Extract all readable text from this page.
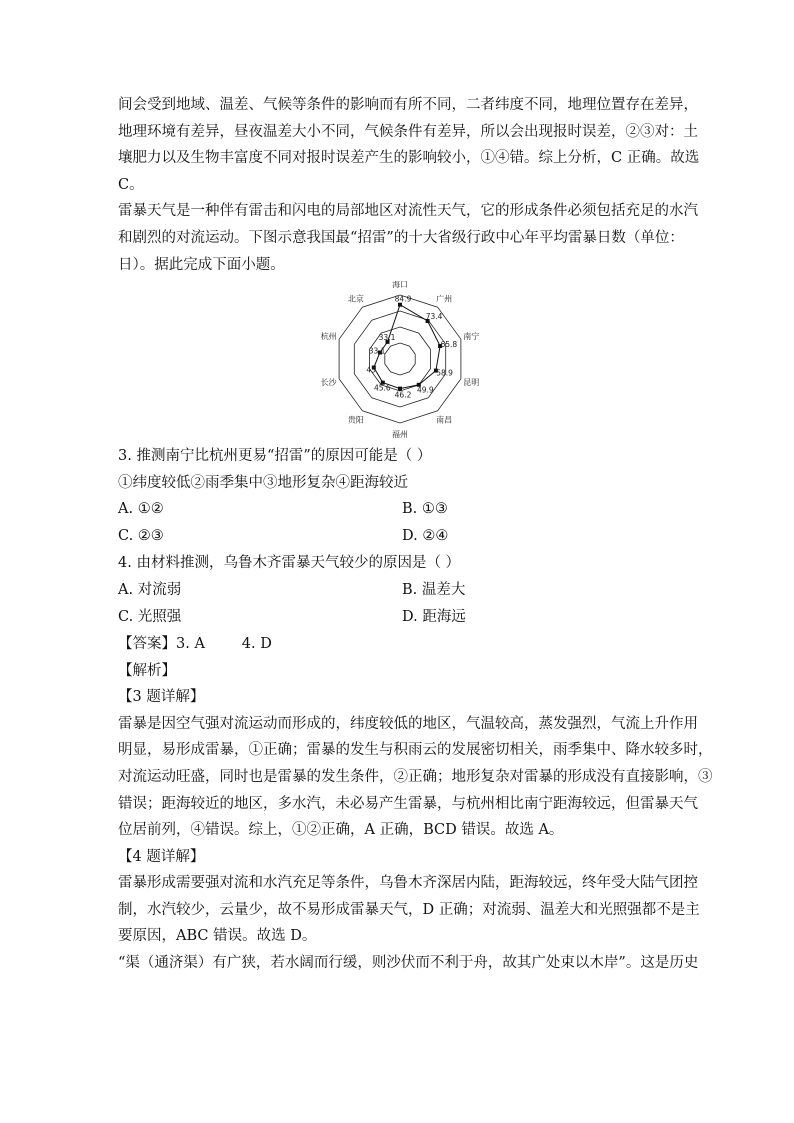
间会受到地域、温差、气候等条件的影响而有所不同，二者纬度不同，地理位置存在差异，
地理环境有差异，昼夜温差大小不同，气候条件有差异，所以会出现报时误差，②③对：土
壤肥力以及生物丰富度不同对报时误差产生的影响较小，①④错。综上分析，C 正确。故选
C。
雷暴天气是一种伴有雷击和闪电的局部地区对流性天气，它的形成条件必须包括充足的水汽
和剧烈的对流运动。下图示意我国最“招雷”的十大省级行政中心年平均雷暴日数（单位：
日）。据此完成下面小题。
84.9
73.4
65.8
58.9
49.9
46.2
45.6
43
33.1
33.1
海口
广州
南宁
昆明
南昌
福州
贵阳
长沙
杭州
北京
3. 推测南宁比杭州更易“招雷”的原因可能是（ ）
①纬度较低②雨季集中③地形复杂④距海较近
A. ①②	B. ①③
C. ②③	D. ②④
4. 由材料推测，乌鲁木齐雷暴天气较少的原因是（ ）
A. 对流弱	B. 温差大
C. 光照强	D. 距海远
【答案】3. A        4. D
【解析】
【3 题详解】
雷暴是因空气强对流运动而形成的，纬度较低的地区，气温较高，蒸发强烈，气流上升作用
明显，易形成雷暴，①正确；雷暴的发生与积雨云的发展密切相关，雨季集中、降水较多时，
对流运动旺盛，同时也是雷暴的发生条件，②正确；地形复杂对雷暴的形成没有直接影响，③
错误；距海较近的地区，多水汽，未必易产生雷暴，与杭州相比南宁距海较远，但雷暴天气
位居前列，④错误。综上，①②正确，A 正确，BCD 错误。故选 A。
【4 题详解】
雷暴形成需要强对流和水汽充足等条件，乌鲁木齐深居内陆，距海较远，终年受大陆气团控
制，水汽较少，云量少，故不易形成雷暴天气，D 正确；对流弱、温差大和光照强都不是主
要原因，ABC 错误。故选 D。
“渠（通济渠）有广狭，若水阔而行缓，则沙伏而不利于舟，故其广处束以木岸”。这是历史
